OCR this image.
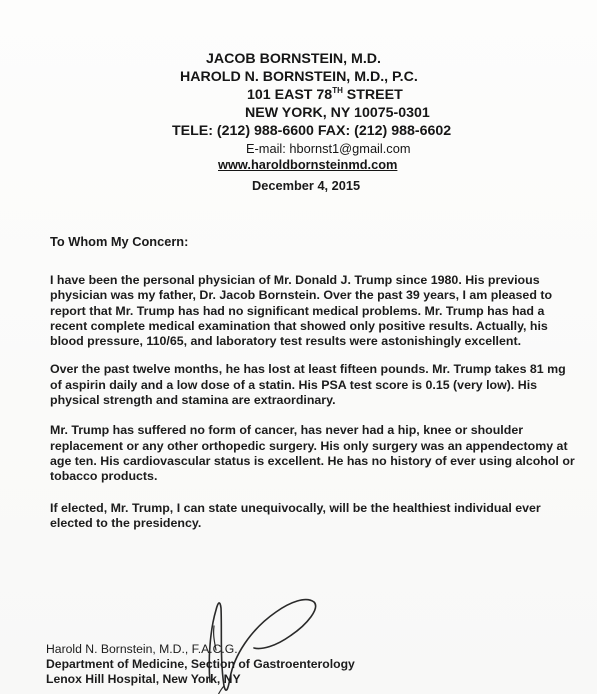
JACOB BORNSTEIN, M.D.
HAROLD N. BORNSTEIN, M.D., P.C.
101 EAST 78TH STREET
NEW YORK, NY 10075-0301
TELE: (212) 988-6600 FAX: (212) 988-6602
E-mail: hbornst1@gmail.com
www.haroldbornsteinmd.com
December 4, 2015
To Whom My Concern:
I have been the personal physician of Mr. Donald J. Trump since 1980. His previous
physician was my father, Dr. Jacob Bornstein. Over the past 39 years, I am pleased to
report that Mr. Trump has had no significant medical problems. Mr. Trump has had a
recent complete medical examination that showed only positive results. Actually, his
blood pressure, 110/65, and laboratory test results were astonishingly excellent.
Over the past twelve months, he has lost at least fifteen pounds. Mr. Trump takes 81 mg
of aspirin daily and a low dose of a statin. His PSA test score is 0.15 (very low). His
physical strength and stamina are extraordinary.
Mr. Trump has suffered no form of cancer, has never had a hip, knee or shoulder
replacement or any other orthopedic surgery. His only surgery was an appendectomy at
age ten. His cardiovascular status is excellent. He has no history of ever using alcohol or
tobacco products.
If elected, Mr. Trump, I can state unequivocally, will be the healthiest individual ever
elected to the presidency.
Harold N. Bornstein, M.D., F.A.C.G.
Department of Medicine, Section of Gastroenterology
Lenox Hill Hospital, New York, NY
